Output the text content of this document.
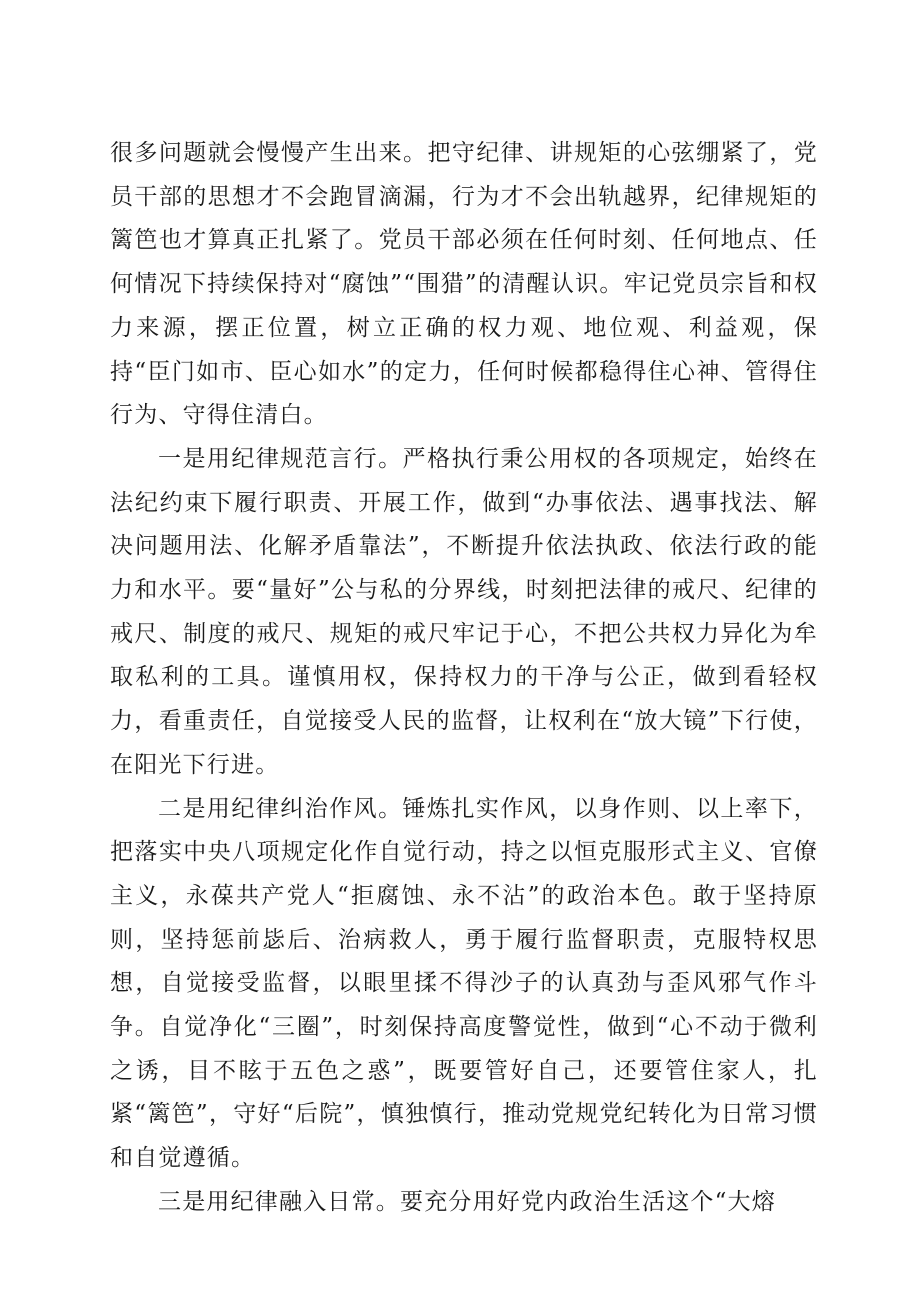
很多问题就会慢慢产生出来。把守纪律、讲规矩的心弦绷紧了，党员干部的思想才不会跑冒滴漏，行为才不会出轨越界，纪律规矩的篱笆也才算真正扎紧了。党员干部必须在任何时刻、任何地点、任何情况下持续保持对“腐蚀”“围猎”的清醒认识。牢记党员宗旨和权力来源，摆正位置，树立正确的权力观、地位观、利益观，保持“臣门如市、臣心如水”的定力，任何时候都稳得住心神、管得住行为、守得住清白。

一是用纪律规范言行。严格执行秉公用权的各项规定，始终在法纪约束下履行职责、开展工作，做到“办事依法、遇事找法、解决问题用法、化解矛盾靠法”，不断提升依法执政、依法行政的能力和水平。要“量好”公与私的分界线，时刻把法律的戒尺、纪律的戒尺、制度的戒尺、规矩的戒尺牢记于心，不把公共权力异化为牟取私利的工具。谨慎用权，保持权力的干净与公正，做到看轻权力，看重责任，自觉接受人民的监督，让权利在“放大镜”下行使，在阳光下行进。

二是用纪律纠治作风。锤炼扎实作风，以身作则、以上率下，把落实中央八项规定化作自觉行动，持之以恒克服形式主义、官僚主义，永葆共产党人“拒腐蚀、永不沾”的政治本色。敢于坚持原则，坚持惩前毖后、治病救人，勇于履行监督职责，克服特权思想，自觉接受监督，以眼里揉不得沙子的认真劲与歪风邪气作斗争。自觉净化“三圈”，时刻保持高度警觉性，做到“心不动于微利之诱，目不眩于五色之惑”，既要管好自己，还要管住家人，扎紧“篱笆”，守好“后院”，慎独慎行，推动党规党纪转化为日常习惯和自觉遵循。

三是用纪律融入日常。要充分用好党内政治生活这个“大熔
